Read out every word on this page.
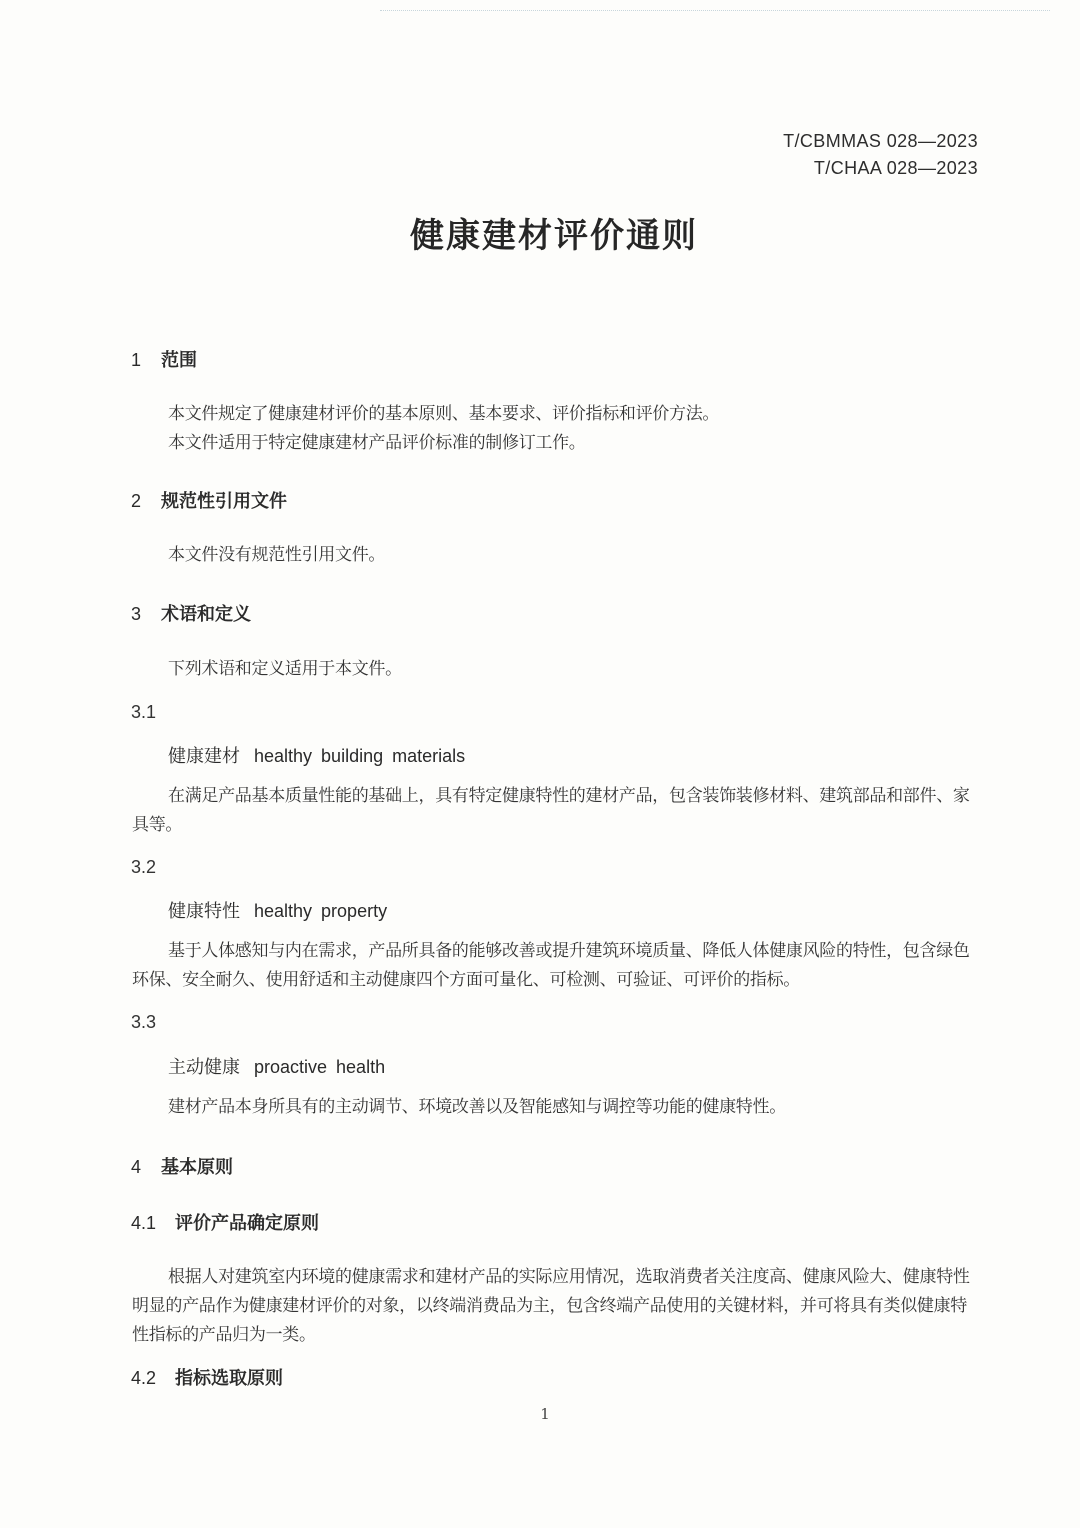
T/CBMMAS 028—2023
T/CHAA 028—2023
健康建材评价通则
1 范围
本文件规定了健康建材评价的基本原则、基本要求、评价指标和评价方法。
本文件适用于特定健康建材产品评价标准的制修订工作。
2 规范性引用文件
本文件没有规范性引用文件。
3 术语和定义
下列术语和定义适用于本文件。
3.1
健康建材 healthy building materials
在满足产品基本质量性能的基础上，具有特定健康特性的建材产品，包含装饰装修材料、建筑部品和部件、家具等。
3.2
健康特性 healthy property
基于人体感知与内在需求，产品所具备的能够改善或提升建筑环境质量、降低人体健康风险的特性，包含绿色环保、安全耐久、使用舒适和主动健康四个方面可量化、可检测、可验证、可评价的指标。
3.3
主动健康 proactive health
建材产品本身所具有的主动调节、环境改善以及智能感知与调控等功能的健康特性。
4 基本原则
4.1 评价产品确定原则
根据人对建筑室内环境的健康需求和建材产品的实际应用情况，选取消费者关注度高、健康风险大、健康特性明显的产品作为健康建材评价的对象，以终端消费品为主，包含终端产品使用的关键材料，并可将具有类似健康特性指标的产品归为一类。
4.2 指标选取原则
1
